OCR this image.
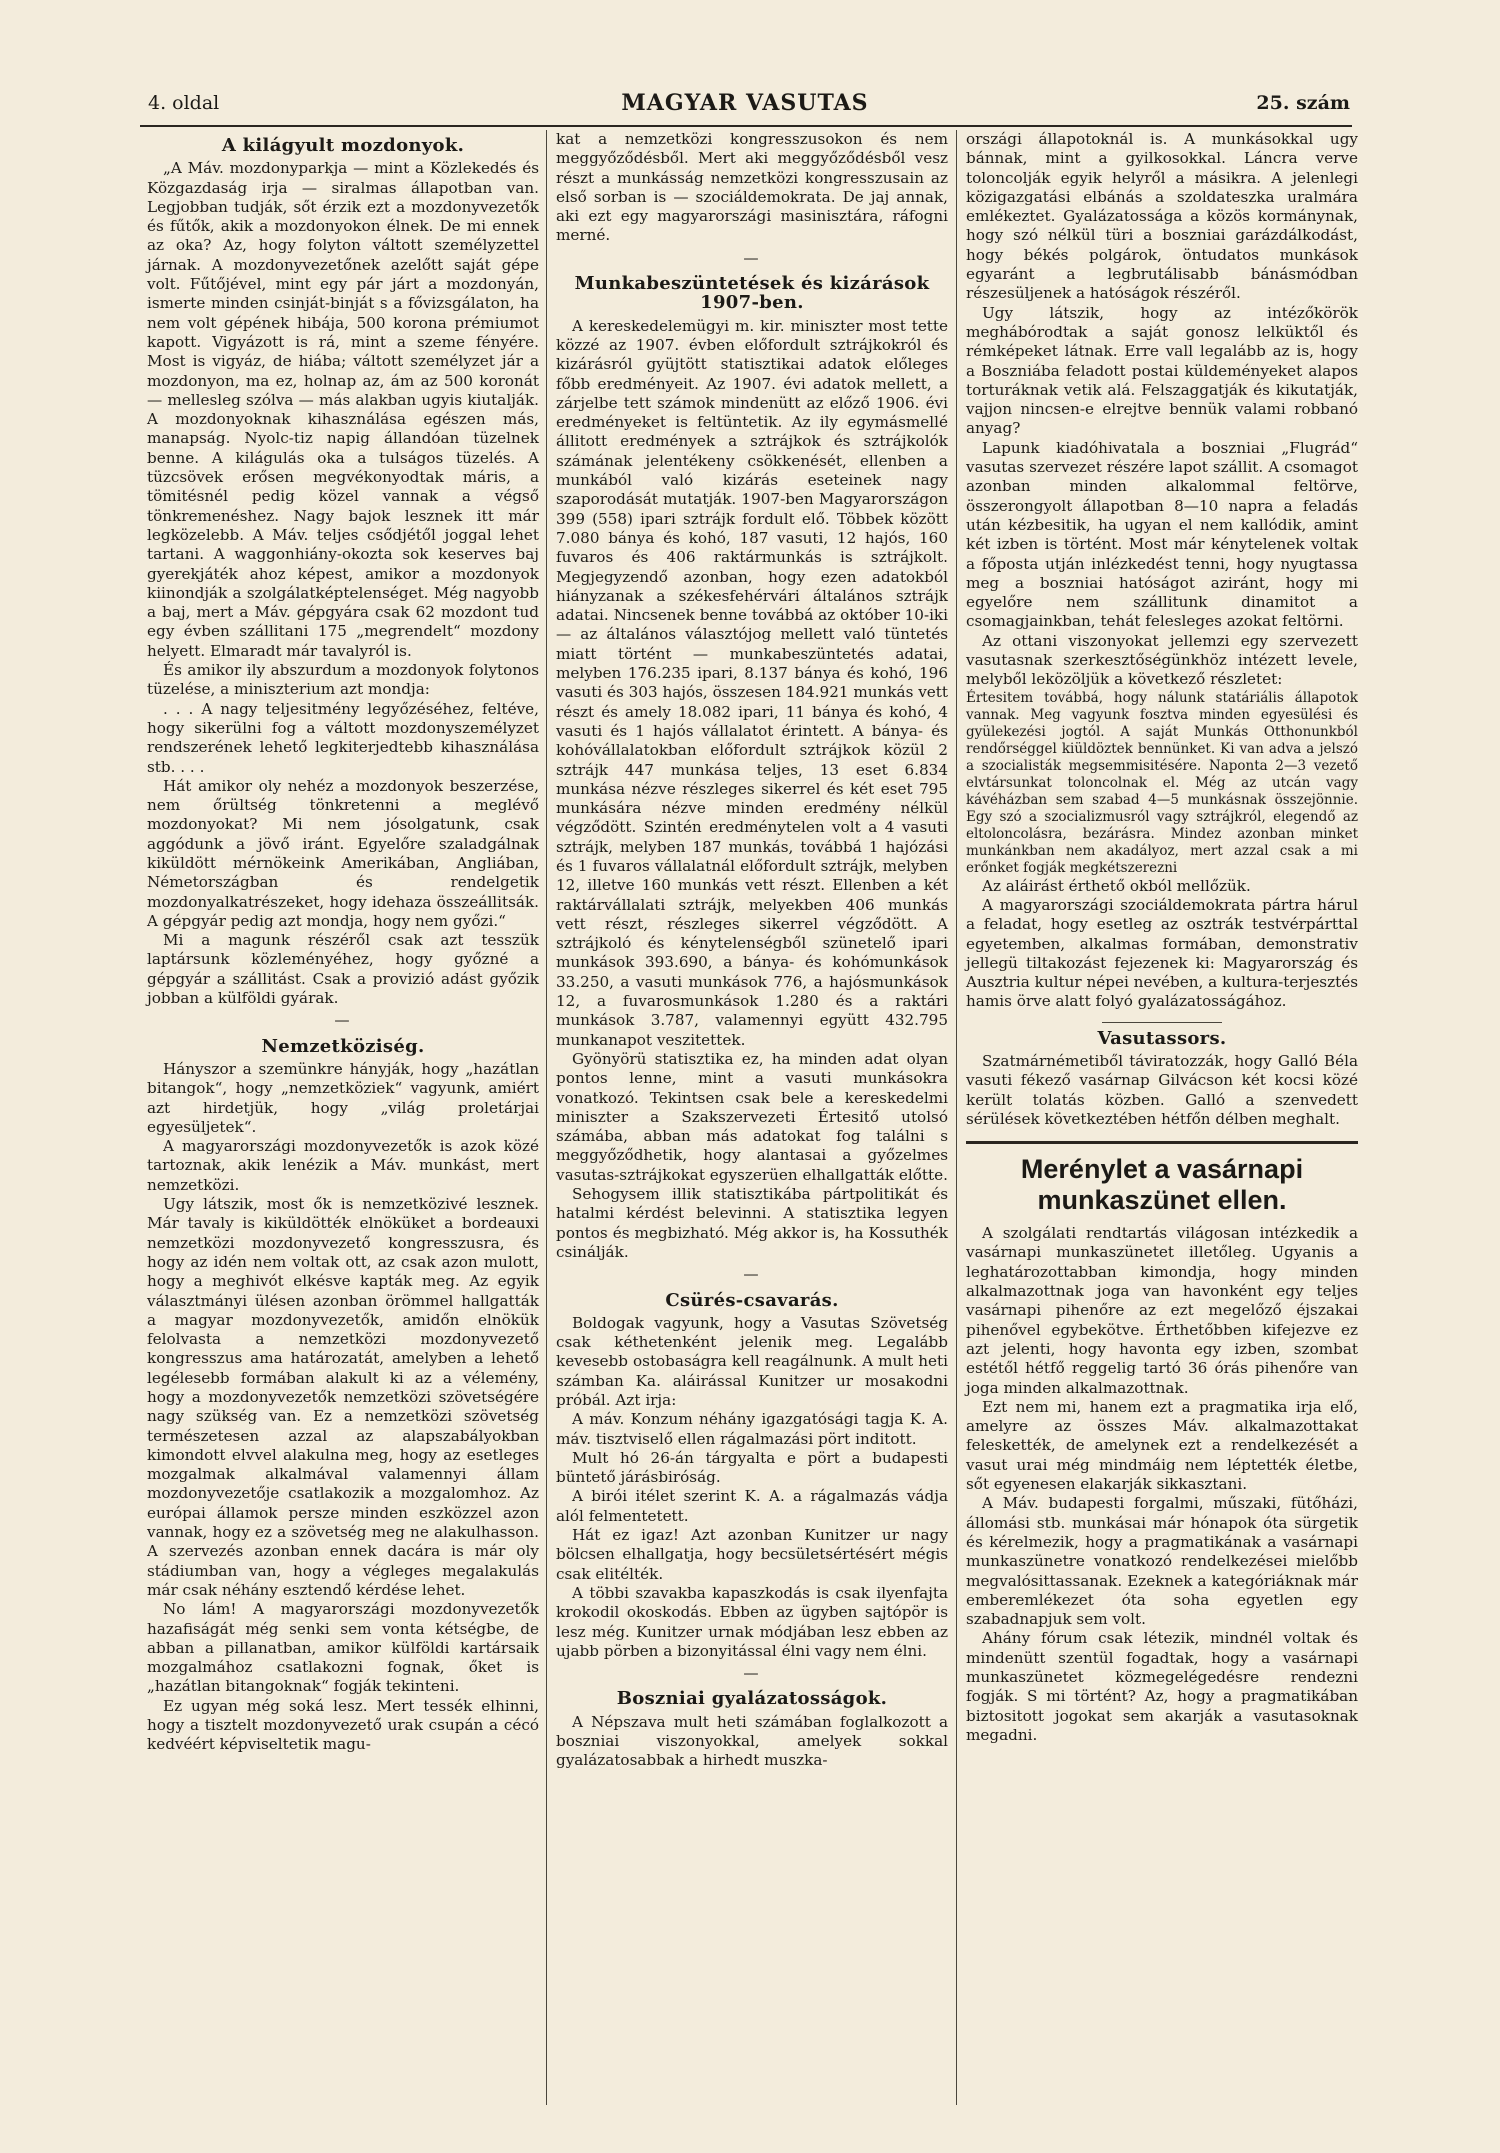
4. oldal	MAGYAR VASUTAS	25. szám
A kilágyult mozdonyok.

„A Máv. mozdonyparkja — mint a Közlekedés és Közgazdaság irja — siralmas állapotban van. Legjobban tudják, sőt érzik ezt a mozdonyvezetők és fűtők, akik a mozdonyokon élnek. De mi ennek az oka? Az, hogy folyton váltott személyzettel járnak. A mozdonyvezetőnek azelőtt saját gépe volt. Fűtőjével, mint egy pár járt a mozdonyán, ismerte minden csinját-binját s a fővizsgálaton, ha nem volt gépének hibája, 500 korona prémiumot kapott. Vigyázott is rá, mint a szeme fényére. Most is vigyáz, de hiába; váltott személyzet jár a mozdonyon, ma ez, holnap az, ám az 500 koronát — mellesleg szólva — más alakban ugyis kiutalják. A mozdonyoknak kihasználása egészen más, manapság. Nyolc-tiz napig állandóan tüzelnek benne. A kilágulás oka a tulságos tüzelés. A tüzcsövek erősen megvékonyodtak máris, a tömitésnél pedig közel vannak a végső tönkremenéshez. Nagy bajok lesznek itt már legközelebb. A Máv. teljes csődjétől joggal lehet tartani. A waggonhiány-okozta sok keserves baj gyerekjáték ahoz képest, amikor a mozdonyok kiinondják a szolgálatképtelenséget. Még nagyobb a baj, mert a Máv. gépgyára csak 62 mozdont tud egy évben szállitani 175 „megrendelt“ mozdony helyett. Elmaradt már tavalyról is.

És amikor ily abszurdum a mozdonyok folytonos tüzelése, a miniszterium azt mondja:

. . . A nagy teljesitmény legyőzéséhez, feltéve, hogy sikerülni fog a váltott mozdonyszemélyzet rendszerének lehető legkiterjedtebb kihasználása stb. . . .

Hát amikor oly nehéz a mozdonyok beszerzése, nem őrültség tönkretenni a meglévő mozdonyokat? Mi nem jósolgatunk, csak aggódunk a jövő iránt. Egyelőre szaladgálnak kiküldött mérnökeink Amerikában, Angliában, Németországban és rendelgetik mozdonyalkatrészeket, hogy idehaza összeállitsák. A gépgyár pedig azt mondja, hogy nem győzi.“

Mi a magunk részéről csak azt tesszük laptársunk közleményéhez, hogy győzné a gépgyár a szállitást. Csak a provizió adást győzik jobban a külföldi gyárak.

—
Nemzetköziség.

Hányszor a szemünkre hányják, hogy „hazátlan bitangok“, hogy „nemzetköziek“ vagyunk, amiért azt hirdetjük, hogy „világ proletárjai egyesüljetek“.

A magyarországi mozdonyvezetők is azok közé tartoznak, akik lenézik a Máv. munkást, mert nemzetközi.

Ugy látszik, most ők is nemzetközivé lesznek. Már tavaly is kiküldötték elnöküket a bordeauxi nemzetközi mozdonyvezető kongresszusra, és hogy az idén nem voltak ott, az csak azon mulott, hogy a meghivót elkésve kapták meg. Az egyik választmányi ülésen azonban örömmel hallgatták a magyar mozdonyvezetők, amidőn elnökük felolvasta a nemzetközi mozdonyvezető kongresszus ama határozatát, amelyben a lehető legélesebb formában alakult ki az a vélemény, hogy a mozdonyvezetők nemzetközi szövetségére nagy szükség van. Ez a nemzetközi szövetség természetesen azzal az alapszabályokban kimondott elvvel alakulna meg, hogy az esetleges mozgalmak alkalmával valamennyi állam mozdonyvezetője csatlakozik a mozgalomhoz. Az európai államok persze minden eszközzel azon vannak, hogy ez a szövetség meg ne alakulhasson. A szervezés azonban ennek dacára is már oly stádiumban van, hogy a végleges megalakulás már csak néhány esztendő kérdése lehet.

No lám! A magyarországi mozdonyvezetők hazafiságát még senki sem vonta kétségbe, de abban a pillanatban, amikor külföldi kartársaik mozgalmához csatlakozni fognak, őket is „hazátlan bitangoknak“ fogják tekinteni.

Ez ugyan még soká lesz. Mert tessék elhinni, hogy a tisztelt mozdonyvezető urak csupán a cécó kedvéért képviseltetik magu-

kat a nemzetközi kongresszusokon és nem meggyőződésből. Mert aki meggyőződésből vesz részt a munkásság nemzetközi kongresszusain az első sorban is — szociáldemokrata. De jaj annak, aki ezt egy magyarországi masinisztára, ráfogni merné.

—
Munkabeszüntetések és kizárások 1907-ben.

A kereskedelemügyi m. kir. miniszter most tette közzé az 1907. évben előfordult sztrájkokról és kizárásról gyüjtött statisztikai adatok előleges főbb eredményeit. Az 1907. évi adatok mellett, a zárjelbe tett számok mindenütt az előző 1906. évi eredményeket is feltüntetik. Az ily egymásmellé állitott eredmények a sztrájkok és sztrájkolók számának jelentékeny csökkenését, ellenben a munkából való kizárás eseteinek nagy szaporodását mutatják. 1907-ben Magyarországon 399 (558) ipari sztrájk fordult elő. Többek között 7.080 bánya és kohó, 187 vasuti, 12 hajós, 160 fuvaros és 406 raktármunkás is sztrájkolt. Megjegyzendő azonban, hogy ezen adatokból hiányzanak a székesfehérvári általános sztrájk adatai. Nincsenek benne továbbá az október 10-iki — az általános választójog mellett való tüntetés miatt történt — munkabeszüntetés adatai, melyben 176.235 ipari, 8.137 bánya és kohó, 196 vasuti és 303 hajós, összesen 184.921 munkás vett részt és amely 18.082 ipari, 11 bánya és kohó, 4 vasuti és 1 hajós vállalatot érintett. A bánya- és kohóvállalatokban előfordult sztrájkok közül 2 sztrájk 447 munkása teljes, 13 eset 6.834 munkása nézve részleges sikerrel és két eset 795 munkására nézve minden eredmény nélkül végződött. Szintén eredménytelen volt a 4 vasuti sztrájk, melyben 187 munkás, továbbá 1 hajózási és 1 fuvaros vállalatnál előfordult sztrájk, melyben 12, illetve 160 munkás vett részt. Ellenben a két raktárvállalati sztrájk, melyekben 406 munkás vett részt, részleges sikerrel végződött. A sztrájkoló és kénytelenségből szünetelő ipari munkások 393.690, a bánya- és kohómunkások 33.250, a vasuti munkások 776, a hajósmunkások 12, a fuvarosmunkások 1.280 és a raktári munkások 3.787, valamennyi együtt 432.795 munkanapot veszitettek.

Gyönyörü statisztika ez, ha minden adat olyan pontos lenne, mint a vasuti munkásokra vonatkozó. Tekintsen csak bele a kereskedelmi miniszter a Szakszervezeti Értesitő utolsó számába, abban más adatokat fog találni s meggyőződhetik, hogy alantasai a győzelmes vasutas-sztrájkokat egyszerüen elhallgatták előtte.

Sehogysem illik statisztikába pártpolitikát és hatalmi kérdést belevinni. A statisztika legyen pontos és megbizható. Még akkor is, ha Kossuthék csinálják.

—
Csürés-csavarás.

Boldogak vagyunk, hogy a Vasutas Szövetség csak kéthetenként jelenik meg. Legalább kevesebb ostobaságra kell reagálnunk. A mult heti számban Ka. aláirással Kunitzer ur mosakodni próbál. Azt irja:

A máv. Konzum néhány igazgatósági tagja K. A. máv. tisztviselő ellen rágalmazási pört inditott.

Mult hó 26-án tárgyalta e pört a budapesti büntető járásbiróság.

A birói itélet szerint K. A. a rágalmazás vádja alól felmentetett.

Hát ez igaz! Azt azonban Kunitzer ur nagy bölcsen elhallgatja, hogy becsületsértésért mégis csak elitélték.

A többi szavakba kapaszkodás is csak ilyenfajta krokodil okoskodás. Ebben az ügyben sajtópör is lesz még. Kunitzer urnak módjában lesz ebben az ujabb pörben a bizonyitással élni vagy nem élni.

—
Boszniai gyalázatosságok.

A Népszava mult heti számában foglalkozott a boszniai viszonyokkal, amelyek sokkal gyalázatosabbak a hirhedt muszka-

országi állapotoknál is. A munkásokkal ugy bánnak, mint a gyilkosokkal. Láncra verve toloncolják egyik helyről a másikra. A jelenlegi közigazgatási elbánás a szoldateszka uralmára emlékeztet. Gyalázatossága a közös kormánynak, hogy szó nélkül türi a boszniai garázdálkodást, hogy békés polgárok, öntudatos munkások egyaránt a legbrutálisabb bánásmódban részesüljenek a hatóságok részéről.

Ugy látszik, hogy az intézőkörök meghábórodtak a saját gonosz lelküktől és rémképeket látnak. Erre vall legalább az is, hogy a Boszniába feladott postai küldeményeket alapos torturáknak vetik alá. Felszaggatják és kikutatják, vajjon nincsen-e elrejtve bennük valami robbanó anyag?

Lapunk kiadóhivatala a boszniai „Flugrád“ vasutas szervezet részére lapot szállit. A csomagot azonban minden alkalommal feltörve, összerongyolt állapotban 8—10 napra a feladás után kézbesitik, ha ugyan el nem kallódik, amint két izben is történt. Most már kénytelenek voltak a főposta utján inlézkedést tenni, hogy nyugtassa meg a boszniai hatóságot aziránt, hogy mi egyelőre nem szállitunk dinamitot a csomagjainkban, tehát felesleges azokat feltörni.

Az ottani viszonyokat jellemzi egy szervezett vasutasnak szerkesztőségünkhöz intézett levele, melyből leközöljük a következő részletet:

Értesitem továbbá, hogy nálunk statáriális állapotok vannak. Meg vagyunk fosztva minden egyesülési és gyülekezési jogtól. A saját Munkás Otthonunkból rendőrséggel kiüldöztek bennünket. Ki van adva a jelszó a szocialisták megsemmisitésére. Naponta 2—3 vezető elvtársunkat toloncolnak el. Még az utcán vagy kávéházban sem szabad 4—5 munkásnak összejönnie. Egy szó a szocializmusról vagy sztrájkról, elegendő az eltoloncolásra, bezárásra. Mindez azonban minket munkánkban nem akadályoz, mert azzal csak a mi erőnket fogják megkétszerezni

Az aláirást érthető okból mellőzük.

A magyarországi szociáldemokrata pártra hárul a feladat, hogy esetleg az osztrák testvérpárttal egyetemben, alkalmas formában, demonstrativ jellegü tiltakozást fejezenek ki: Magyarország és Ausztria kultur népei nevében, a kultura-terjesztés hamis örve alatt folyó gyalázatosságához.

Vasutassors.

Szatmárnémetiből táviratozzák, hogy Galló Béla vasuti fékező vasárnap Gilvácson két kocsi közé került tolatás közben. Galló a szenvedett sérülések következtében hétfőn délben meghalt.

Merénylet a vasárnapi munkaszünet ellen.

A szolgálati rendtartás világosan intézkedik a vasárnapi munkaszünetet illetőleg. Ugyanis a leghatározottabban kimondja, hogy minden alkalmazottnak joga van havonként egy teljes vasárnapi pihenőre az ezt megelőző éjszakai pihenővel egybekötve. Érthetőbben kifejezve ez azt jelenti, hogy havonta egy izben, szombat estétől hétfő reggelig tartó 36 órás pihenőre van joga minden alkalmazottnak.

Ezt nem mi, hanem ezt a pragmatika irja elő, amelyre az összes Máv. alkalmazottakat feleskették, de amelynek ezt a rendelkezését a vasut urai még mindmáig nem léptették életbe, sőt egyenesen elakarják sikkasztani.

A Máv. budapesti forgalmi, műszaki, fütőházi, állomási stb. munkásai már hónapok óta sürgetik és kérelmezik, hogy a pragmatikának a vasárnapi munkaszünetre vonatkozó rendelkezései mielőbb megvalósittassanak. Ezeknek a kategóriáknak már emberemlékezet óta soha egyetlen egy szabadnapjuk sem volt.

Ahány fórum csak létezik, mindnél voltak és mindenütt szentül fogadtak, hogy a vasárnapi munkaszünetet közmegelégedésre rendezni fogják. S mi történt? Az, hogy a pragmatikában biztositott jogokat sem akarják a vasutasoknak megadni.
